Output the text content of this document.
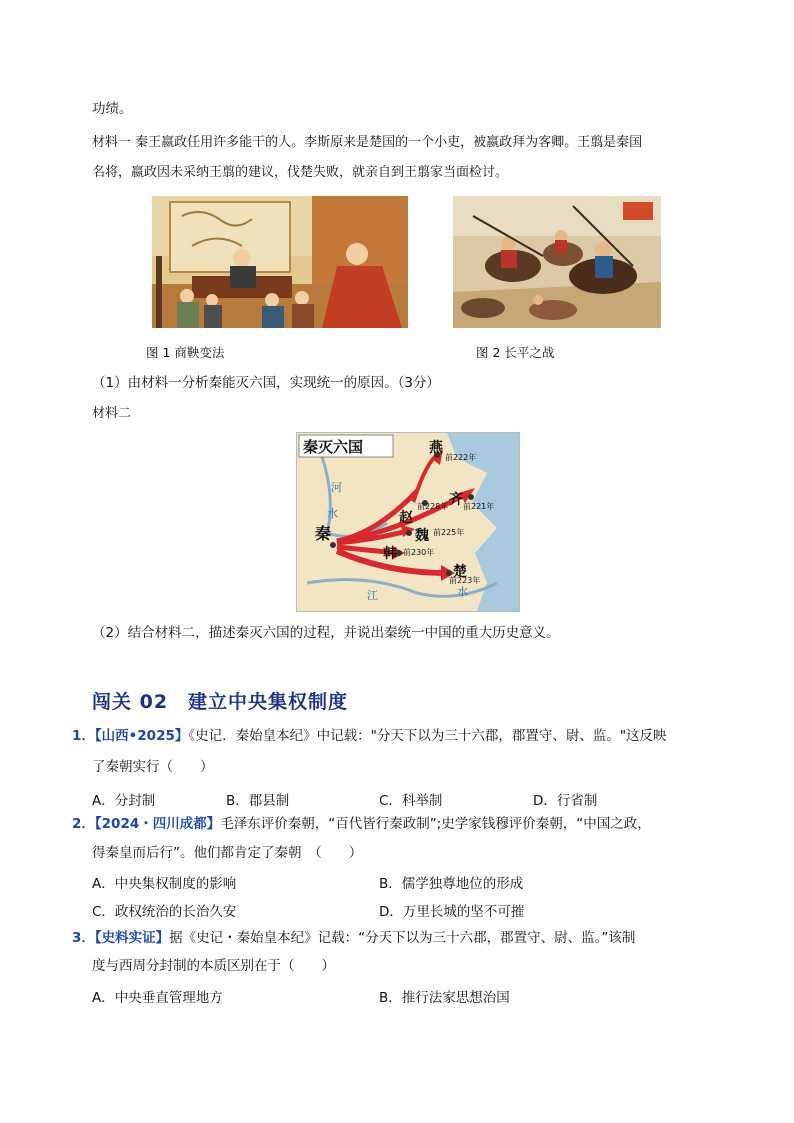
功绩。
材料一 秦王嬴政任用许多能干的人。李斯原来是楚国的一个小吏，被嬴政拜为客卿。王翦是秦国
名将，嬴政因未采纳王翦的建议，伐楚失败，就亲自到王翦家当面检讨。
图 1 商鞅变法	图 2 长平之战
（1）由材料一分析秦能灭六国，实现统一的原因。（3分）
材料二
秦灭六国
秦
燕
前222年
赵
前228年 齐 前221年
魏 前225年
韩 前230年
楚
前223年
河
水
江	水
（2）结合材料二，描述秦灭六国的过程，并说出秦统一中国的重大历史意义。
闯关 02　建立中央集权制度
1．【山西•2025】《史记．秦始皇本纪》中记载："分天下以为三十六郡，郡置守、尉、监。"这反映
了秦朝实行（　　）
A．分封制	B．郡县制	C．科举制	D．行省制
2．【2024・四川成都】毛泽东评价秦朝，“百代皆行秦政制”;史学家钱穆评价秦朝，“中国之政，
得秦皇而后行”。他们都肯定了秦朝　（　　）
A．中央集权制度的影响	B．儒学独尊地位的形成
C．政权统治的长治久安	D．万里长城的坚不可摧
3．【史料实证】据《史记・秦始皇本纪》记载：“分天下以为三十六郡，郡置守、尉、监。”该制
度与西周分封制的本质区别在于（　　）
A．中央垂直管理地方	B．推行法家思想治国
